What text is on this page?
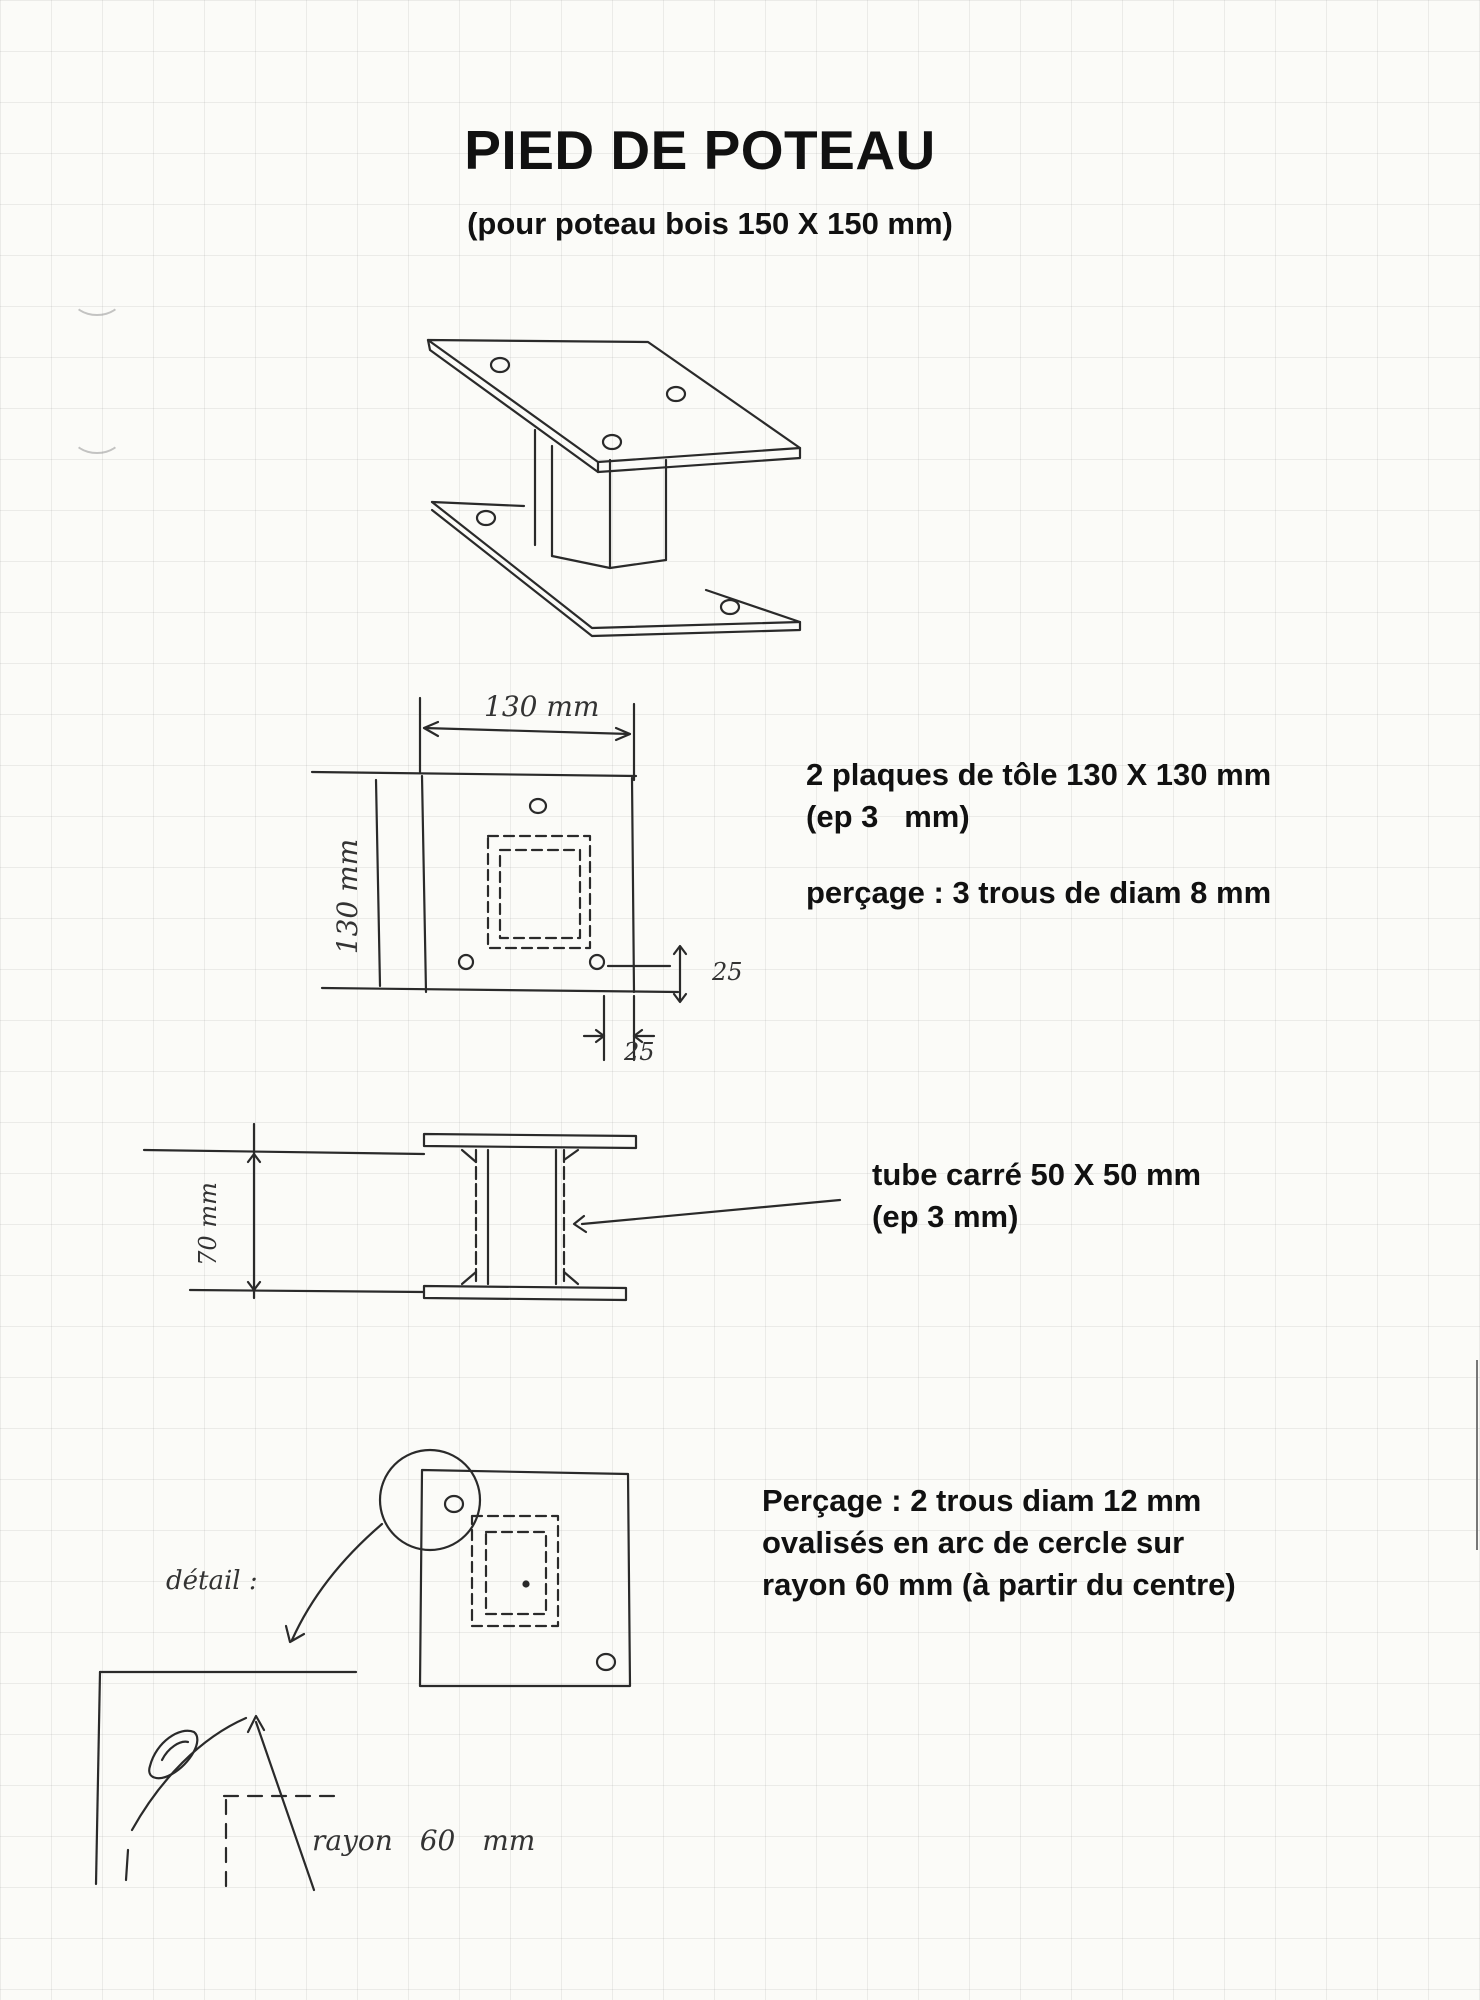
PIED DE POTEAU
(pour poteau bois 150 X 150 mm)
130 mm
130 mm
25
25
70 mm
détail :
rayon 60 mm
2 plaques de tôle 130 X 130 mm
(ep 3   mm)
perçage : 3 trous de diam 8 mm
tube carré 50 X 50 mm
(ep 3 mm)
Perçage : 2 trous diam 12 mm
ovalisés en arc de cercle sur
rayon 60 mm (à partir du centre)
